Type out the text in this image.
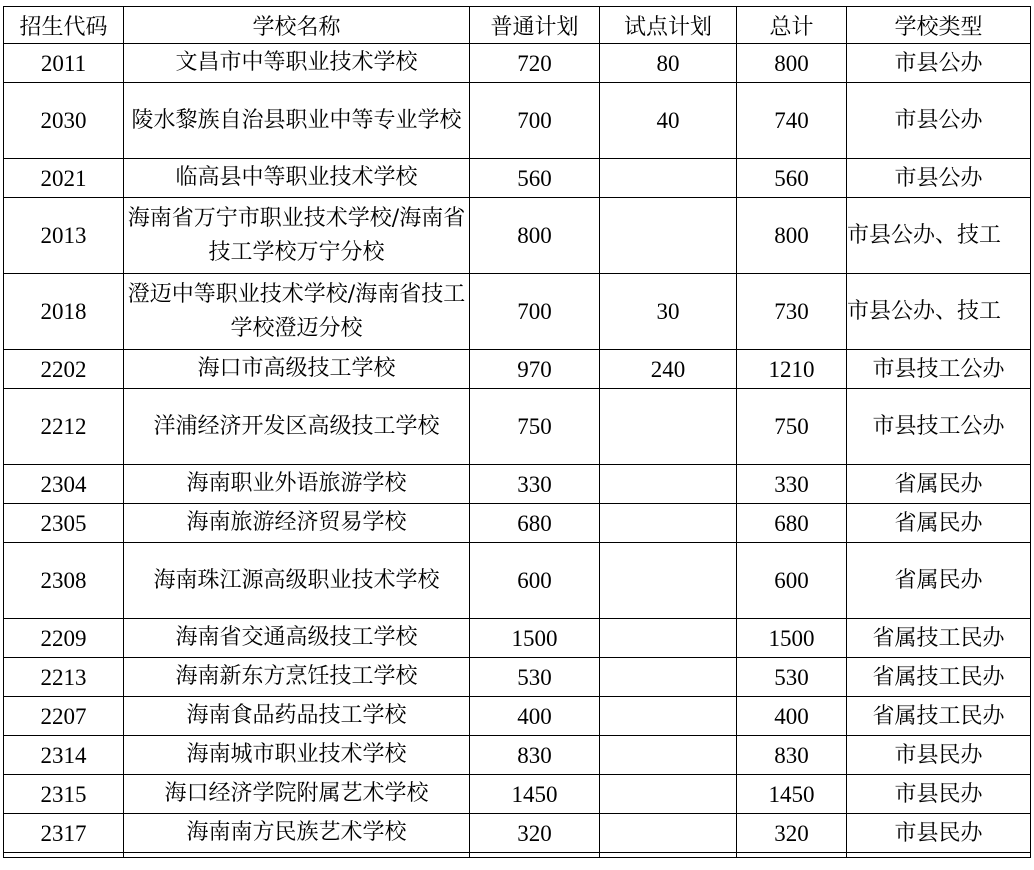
招生代码	学校名称	普通计划	试点计划	总计	学校类型
2011	文昌市中等职业技术学校	720	80	800	市县公办
2030	陵水黎族自治县职业中等专业学校	700	40	740	市县公办
2021	临高县中等职业技术学校	560		560	市县公办
2013	海南省万宁市职业技术学校/海南省技工学校万宁分校	800		800	市县公办、技工
2018	澄迈中等职业技术学校/海南省技工学校澄迈分校	700	30	730	市县公办、技工
2202	海口市高级技工学校	970	240	1210	市县技工公办
2212	洋浦经济开发区高级技工学校	750		750	市县技工公办
2304	海南职业外语旅游学校	330		330	省属民办
2305	海南旅游经济贸易学校	680		680	省属民办
2308	海南珠江源高级职业技术学校	600		600	省属民办
2209	海南省交通高级技工学校	1500		1500	省属技工民办
2213	海南新东方烹饪技工学校	530		530	省属技工民办
2207	海南食品药品技工学校	400		400	省属技工民办
2314	海南城市职业技术学校	830		830	市县民办
2315	海口经济学院附属艺术学校	1450		1450	市县民办
2317	海南南方民族艺术学校	320		320	市县民办
